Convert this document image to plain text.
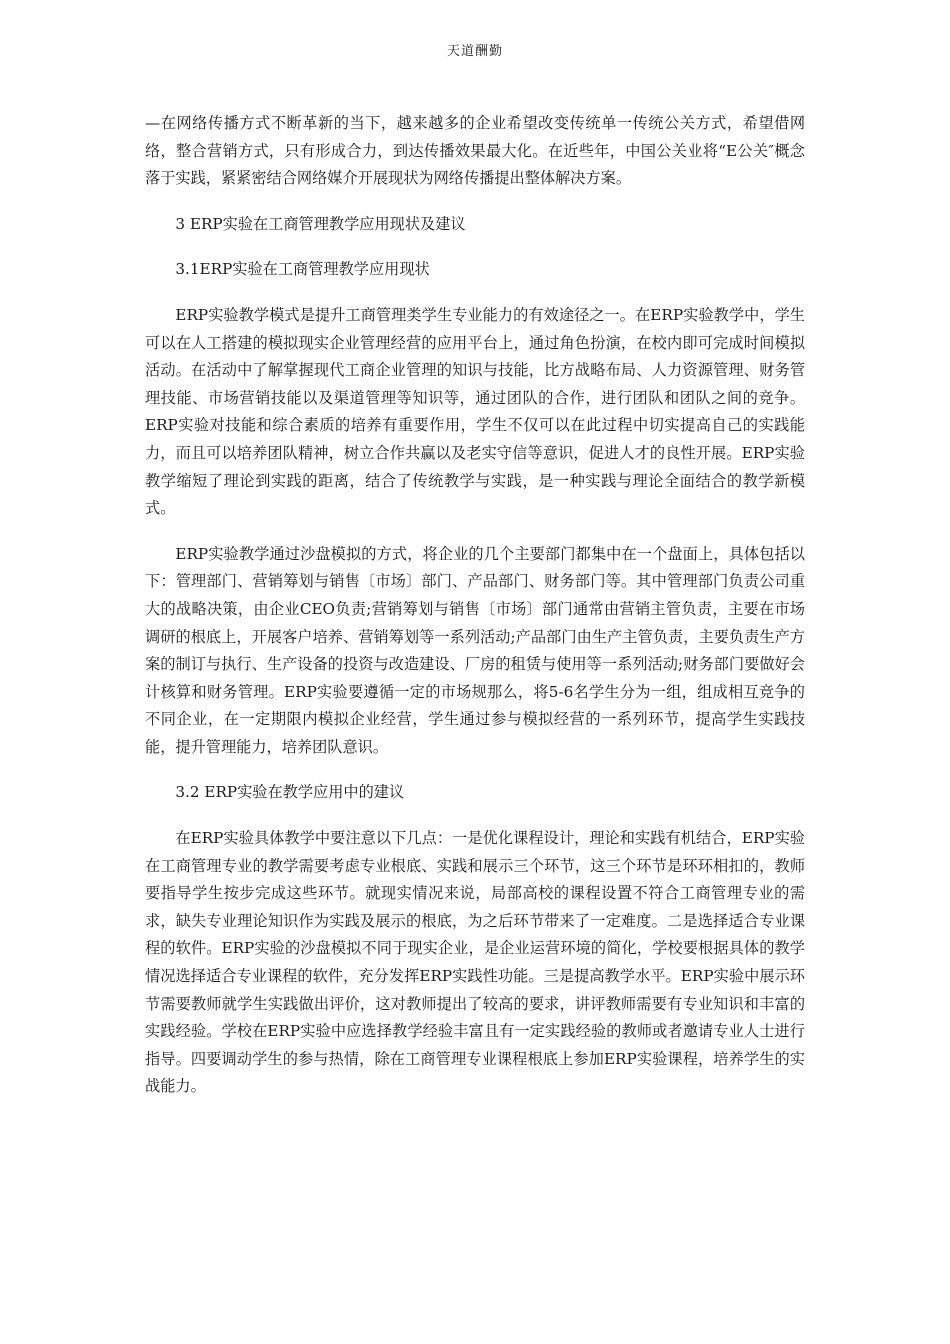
天道酬勤

—在网络传播方式不断革新的当下，越来越多的企业希望改变传统单一传统公关方式，希望借网络，整合营销方式，只有形成合力，到达传播效果最大化。在近些年，中国公关业将“E公关″概念落于实践，紧紧密结合网络媒介开展现状为网络传播提出整体解决方案。

3 ERP实验在工商管理教学应用现状及建议

3.1ERP实验在工商管理教学应用现状

ERP实验教学模式是提升工商管理类学生专业能力的有效途径之一。在ERP实验教学中，学生可以在人工搭建的模拟现实企业管理经营的应用平台上，通过角色扮演，在校内即可完成时间模拟活动。在活动中了解掌握现代工商企业管理的知识与技能，比方战略布局、人力资源管理、财务管理技能、市场营销技能以及渠道管理等知识等，通过团队的合作，进行团队和团队之间的竞争。ERP实验对技能和综合素质的培养有重要作用，学生不仅可以在此过程中切实提高自己的实践能力，而且可以培养团队精神，树立合作共赢以及老实守信等意识，促进人才的良性开展。ERP实验教学缩短了理论到实践的距离，结合了传统教学与实践，是一种实践与理论全面结合的教学新模式。

ERP实验教学通过沙盘模拟的方式，将企业的几个主要部门都集中在一个盘面上，具体包括以下：管理部门、营销筹划与销售〔市场〕部门、产品部门、财务部门等。其中管理部门负责公司重大的战略决策，由企业CEO负责;营销筹划与销售〔市场〕部门通常由营销主管负责，主要在市场调研的根底上，开展客户培养、营销筹划等一系列活动;产品部门由生产主管负责，主要负责生产方案的制订与执行、生产设备的投资与改造建设、厂房的租赁与使用等一系列活动;财务部门要做好会计核算和财务管理。ERP实验要遵循一定的市场规那么，将5-6名学生分为一组，组成相互竞争的不同企业，在一定期限内模拟企业经营，学生通过参与模拟经营的一系列环节，提高学生实践技能，提升管理能力，培养团队意识。

3.2 ERP实验在教学应用中的建议

在ERP实验具体教学中要注意以下几点：一是优化课程设计，理论和实践有机结合，ERP实验在工商管理专业的教学需要考虑专业根底、实践和展示三个环节，这三个环节是环环相扣的，教师要指导学生按步完成这些环节。就现实情况来说，局部高校的课程设置不符合工商管理专业的需求，缺失专业理论知识作为实践及展示的根底，为之后环节带来了一定难度。二是选择适合专业课程的软件。ERP实验的沙盘模拟不同于现实企业，是企业运营环境的简化，学校要根据具体的教学情况选择适合专业课程的软件，充分发挥ERP实践性功能。三是提高教学水平。ERP实验中展示环节需要教师就学生实践做出评价，这对教师提出了较高的要求，讲评教师需要有专业知识和丰富的实践经验。学校在ERP实验中应选择教学经验丰富且有一定实践经验的教师或者邀请专业人士进行指导。四要调动学生的参与热情，除在工商管理专业课程根底上参加ERP实验课程，培养学生的实战能力。
